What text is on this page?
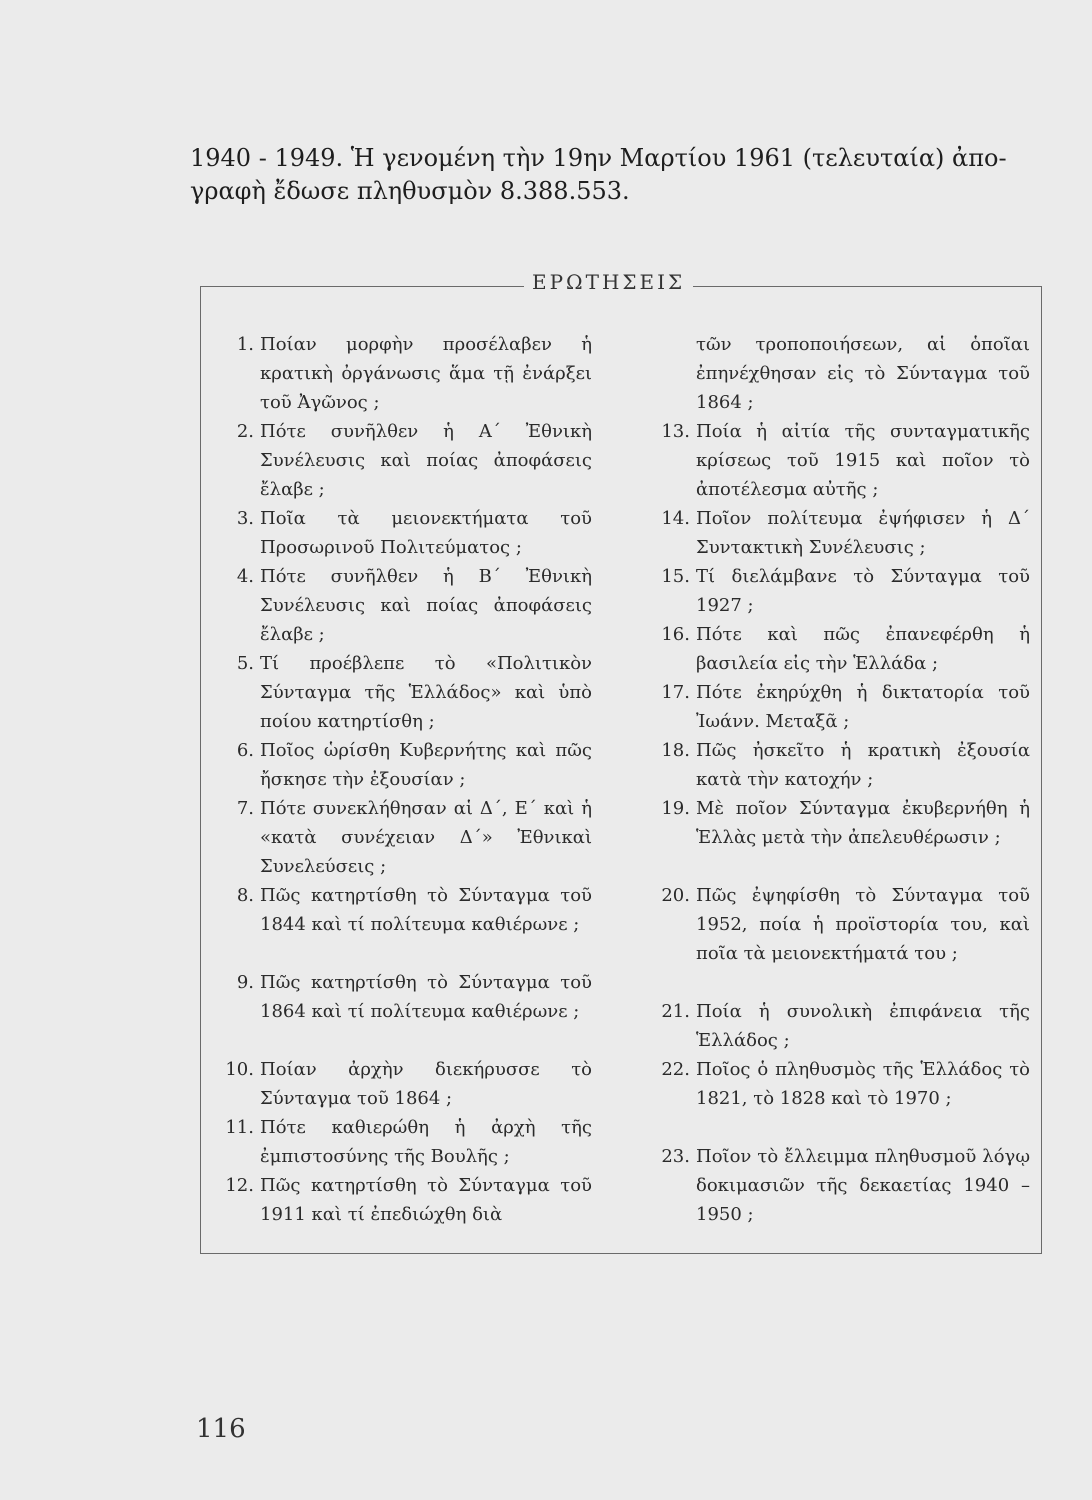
1940 - 1949. Ἡ γενομένη τὴν 19ην Μαρτίου 1961 (τελευταία) ἀπο-

γραφὴ ἔδωσε πληθυσμὸν 8.388.553.

ΕΡΩΤΗΣΕΙΣ
1. Ποίαν μορφὴν προσέλαβεν ἡ κρατικὴ ὀργάνωσις ἅμα τῇ ἐνάρξει τοῦ Ἀγῶνος ;
2. Πότε συνῆλθεν ἡ Α΄ Ἐθνικὴ Συνέλευσις καὶ ποίας ἀποφάσεις ἔλαβε ;
3. Ποῖα τὰ μειονεκτήματα τοῦ Προσωρινοῦ Πολιτεύματος ;
4. Πότε συνῆλθεν ἡ Β΄ Ἐθνικὴ Συνέλευσις καὶ ποίας ἀποφάσεις ἔλαβε ;
5. Τί προέβλεπε τὸ «Πολιτικὸν Σύνταγμα τῆς Ἑλλάδος» καὶ ὑπὸ ποίου κατηρτίσθη ;
6. Ποῖος ὡρίσθη Κυβερνήτης καὶ πῶς ἤσκησε τὴν ἐξουσίαν ;
7. Πότε συνεκλήθησαν αἱ Δ΄, Ε΄ καὶ ἡ «κατὰ συνέχειαν Δ΄» Ἐθνικαὶ Συνελεύσεις ;
8. Πῶς κατηρτίσθη τὸ Σύνταγμα τοῦ 1844 καὶ τί πολίτευμα καθιέρωνε ;
9. Πῶς κατηρτίσθη τὸ Σύνταγμα τοῦ 1864 καὶ τί πολίτευμα καθιέρωνε ;
10. Ποίαν ἀρχὴν διεκήρυσσε τὸ Σύνταγμα τοῦ 1864 ;
11. Πότε καθιερώθη ἡ ἀρχὴ τῆς ἐμπιστοσύνης τῆς Βουλῆς ;
12. Πῶς κατηρτίσθη τὸ Σύνταγμα τοῦ 1911 καὶ τί ἐπεδιώχθη διὰ
τῶν τροποποιήσεων, αἱ ὁποῖαι ἐπηνέχθησαν εἰς τὸ Σύνταγμα τοῦ 1864 ;
13. Ποία ἡ αἰτία τῆς συνταγματικῆς κρίσεως τοῦ 1915 καὶ ποῖον τὸ ἀποτέλεσμα αὐτῆς ;
14. Ποῖον πολίτευμα ἐψήφισεν ἡ Δ΄ Συντακτικὴ Συνέλευσις ;
15. Τί διελάμβανε τὸ Σύνταγμα τοῦ 1927 ;
16. Πότε καὶ πῶς ἐπανεφέρθη ἡ βασιλεία εἰς τὴν Ἑλλάδα ;
17. Πότε ἐκηρύχθη ἡ δικτατορία τοῦ Ἰωάνν. Μεταξᾶ ;
18. Πῶς ἠσκεῖτο ἡ κρατικὴ ἐξουσία κατὰ τὴν κατοχήν ;
19. Μὲ ποῖον Σύνταγμα ἐκυβερνήθη ἡ Ἑλλὰς μετὰ τὴν ἀπελευθέρωσιν ;
20. Πῶς ἐψηφίσθη τὸ Σύνταγμα τοῦ 1952, ποία ἡ προϊστορία του, καὶ ποῖα τὰ μειονεκτήματά του ;
21. Ποία ἡ συνολικὴ ἐπιφάνεια τῆς Ἑλλάδος ;
22. Ποῖος ὁ πληθυσμὸς τῆς Ἑλλάδος τὸ 1821, τὸ 1828 καὶ τὸ 1970 ;
23. Ποῖον τὸ ἔλλειμμα πληθυσμοῦ λόγῳ δοκιμασιῶν τῆς δεκαετίας 1940 – 1950 ;
116
